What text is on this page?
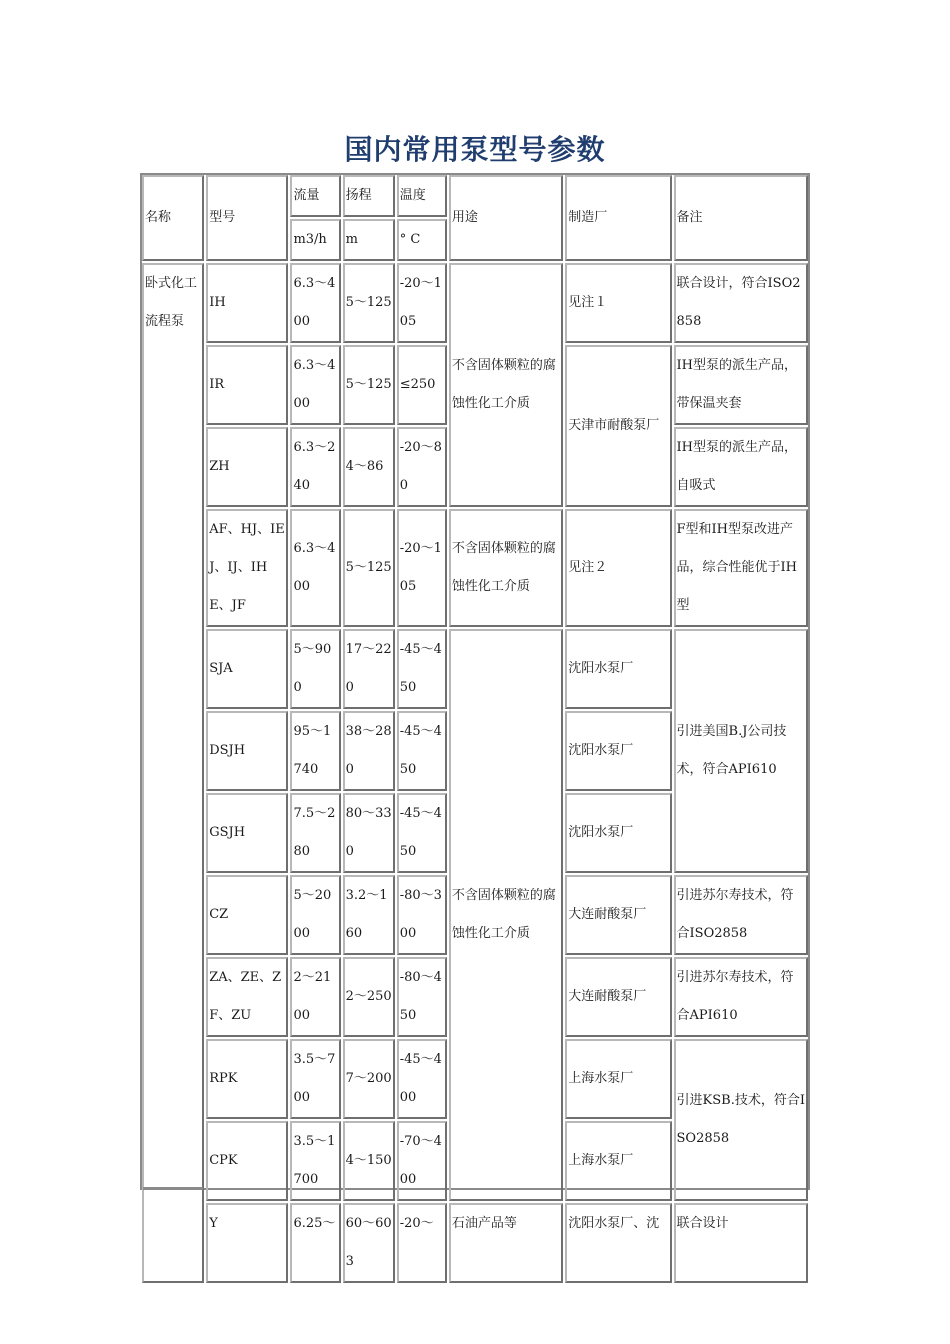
国内常用泵型号参数
名称	型号	流量	扬程	温度	用途	制造厂	备注
		m3/h	m	° C			
卧式化工流程泵	IH	6.3～400	5～125	-20～105	不含固体颗粒的腐蚀性化工介质	见注１	联合设计，符合ISO2858
	IR	6.3～400	5～125	≤250		天津市耐酸泵厂	IH型泵的派生产品，带保温夹套
	ZH	6.3～240	4～86	-20～80			IH型泵的派生产品，自吸式
	AF、HJ、IEJ、IJ、IHE、JF	6.3～400	5～125	-20～105	不含固体颗粒的腐蚀性化工介质	见注２	F型和IH型泵改进产品，综合性能优于IH型
	SJA	5～900	17～220	-45～450	不含固体颗粒的腐蚀性化工介质	沈阳水泵厂	引进美国B.J公司技术，符合API610
	DSJH	95～1740	38～280	-45～450		沈阳水泵厂	
	GSJH	7.5～280	80～330	-45～450		沈阳水泵厂	
	CZ	5～2000	3.2～160	-80～300		大连耐酸泵厂	引进苏尔寿技术，符合ISO2858
	ZA、ZE、ZF、ZU	2～2100	2～250	-80～450		大连耐酸泵厂	引进苏尔寿技术，符合API610
	RPK	3.5～700	7～200	-45～400		上海水泵厂	引进KSB.技术，符合ISO2858
	CPK	3.5～1700	4～150	-70～400		上海水泵厂	
	Y	6.25～	60～603	-20～	石油产品等	沈阳水泵厂、沈	联合设计
